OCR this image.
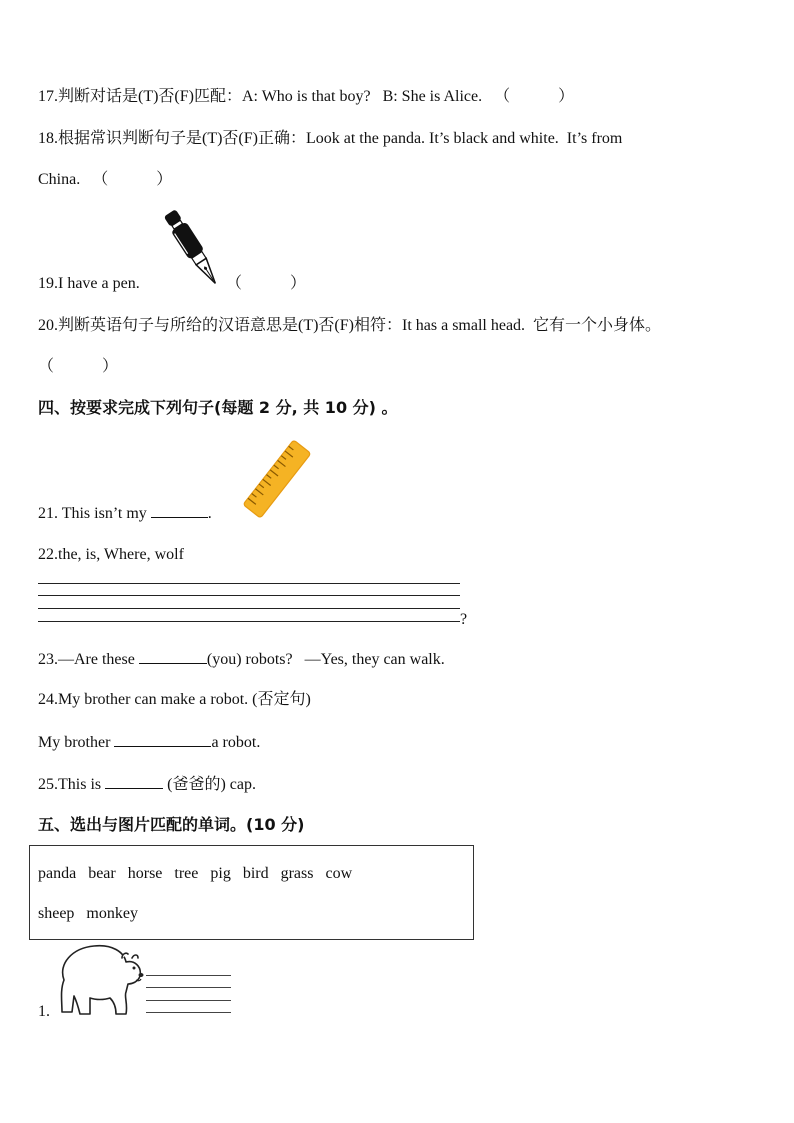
17.判断对话是(T)否(F)匹配：A: Who is that boy?   B: She is Alice.   （            ）
18.根据常识判断句子是(T)否(F)正确：Look at the panda. It’s black and white.  It’s from
China.   （            ）
19.I have a pen.	（            ）
20.判断英语句子与所给的汉语意思是(T)否(F)相符：It has a small head.  它有一个小身体。
（            ）
四、按要求完成下列句子(每题 2 分, 共 10 分) 。
21. This isn’t my	.
22.the, is, Where, wolf
?
23.—Are these	(you) robots?   —Yes, they can walk.
24.My brother can make a robot. (否定句)
My brother	a robot.
25.This is	(爸爸的) cap.
五、选出与图片匹配的单词。(10 分)
panda   bear   horse   tree   pig   bird   grass   cow
sheep   monkey
1.
